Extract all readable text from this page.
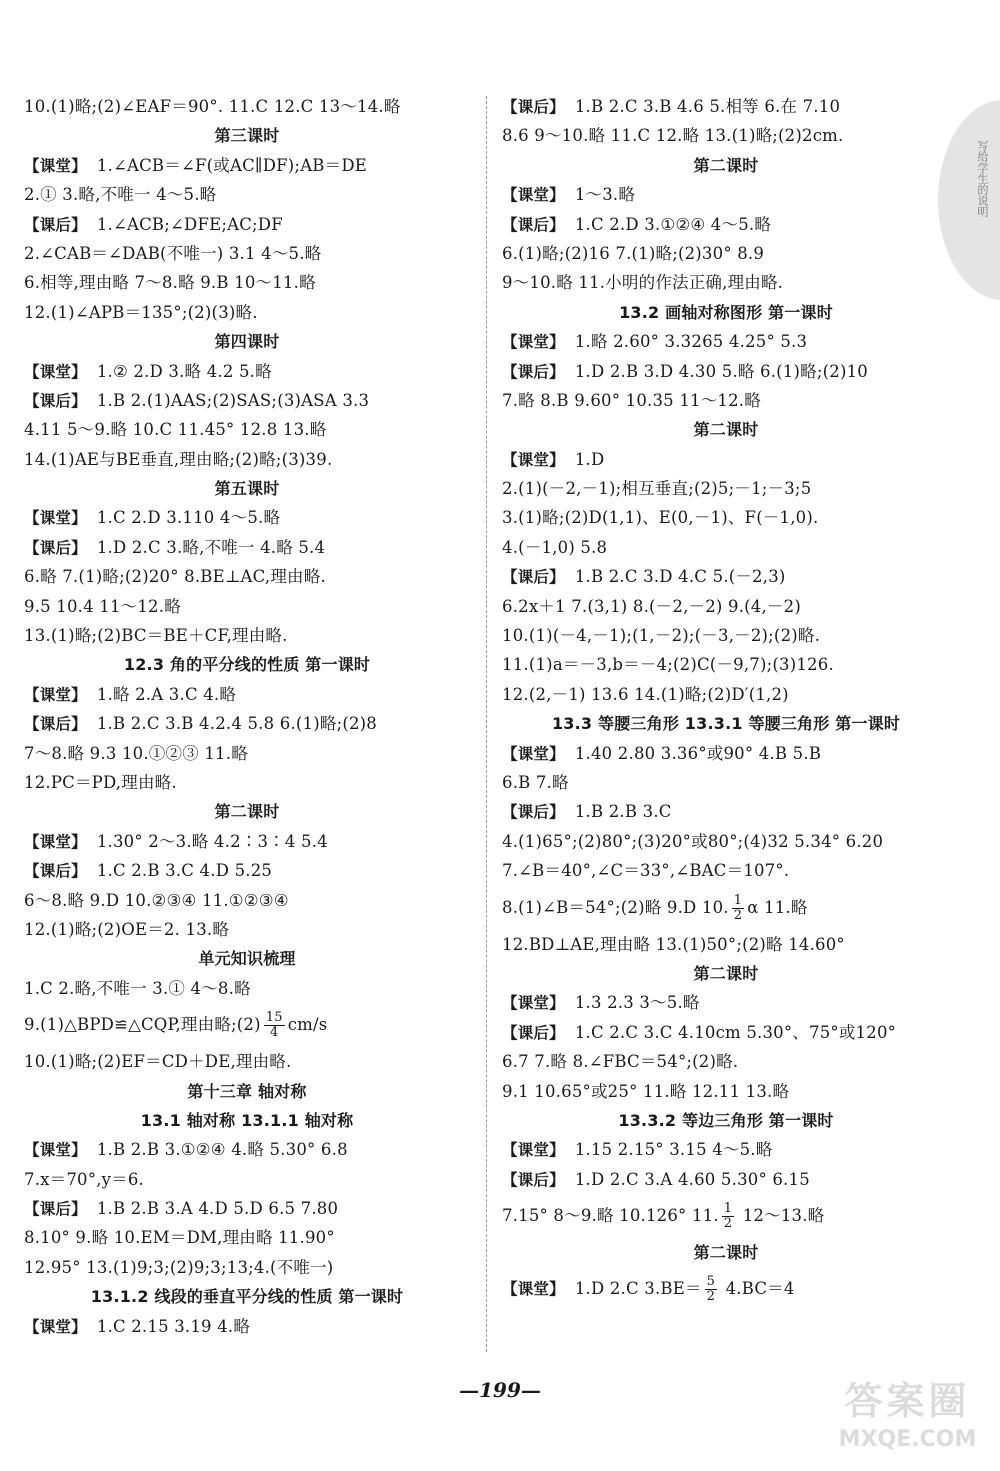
写给学生的说明
10.(1)略;(2)∠EAF＝90°. 11.C 12.C 13～14.略
第三课时
【课堂】 1.∠ACB＝∠F(或AC∥DF);AB＝DE
2.① 3.略,不唯一 4～5.略
【课后】 1.∠ACB;∠DFE;AC;DF
2.∠CAB＝∠DAB(不唯一) 3.1 4～5.略
6.相等,理由略 7～8.略 9.B 10～11.略
12.(1)∠APB＝135°;(2)(3)略.
第四课时
【课堂】 1.② 2.D 3.略 4.2 5.略
【课后】 1.B 2.(1)AAS;(2)SAS;(3)ASA 3.3
4.11 5～9.略 10.C 11.45° 12.8 13.略
14.(1)AE与BE垂直,理由略;(2)略;(3)39.
第五课时
【课堂】 1.C 2.D 3.110 4～5.略
【课后】 1.D 2.C 3.略,不唯一 4.略 5.4
6.略 7.(1)略;(2)20° 8.BE⊥AC,理由略.
9.5 10.4 11～12.略
13.(1)略;(2)BC＝BE＋CF,理由略.
12.3 角的平分线的性质 第一课时
【课堂】 1.略 2.A 3.C 4.略
【课后】 1.B 2.C 3.B 4.2.4 5.8 6.(1)略;(2)8
7～8.略 9.3 10.①②③ 11.略
12.PC＝PD,理由略.
第二课时
【课堂】 1.30° 2～3.略 4.2∶3∶4 5.4
【课后】 1.C 2.B 3.C 4.D 5.25
6～8.略 9.D 10.②③④ 11.①②③④
12.(1)略;(2)OE＝2. 13.略
单元知识梳理
1.C 2.略,不唯一 3.① 4～8.略
9.(1)△BPD≌△CQP,理由略;(2) $\frac{15}{4} cm/s$
10.(1)略;(2)EF＝CD＋DE,理由略.
第十三章 轴对称
13.1 轴对称 13.1.1 轴对称
【课堂】 1.B 2.B 3.①②④ 4.略 5.30° 6.8
7.x＝70°,y＝6.
【课后】 1.B 2.B 3.A 4.D 5.D 6.5 7.80
8.10° 9.略 10.EM＝DM,理由略 11.90°
12.95° 13.(1)9;3;(2)9;3;13;4.(不唯一)
13.1.2 线段的垂直平分线的性质 第一课时
【课堂】 1.C 2.15 3.19 4.略
【课后】 1.B 2.C 3.B 4.6 5.相等 6.在 7.10
8.6 9～10.略 11.C 12.略 13.(1)略;(2)2cm.
第二课时
【课堂】 1～3.略
【课后】 1.C 2.D 3.①②④ 4～5.略
6.(1)略;(2)16 7.(1)略;(2)30° 8.9
9～10.略 11.小明的作法正确,理由略.
13.2 画轴对称图形 第一课时
【课堂】 1.略 2.60° 3.3265 4.25° 5.3
【课后】 1.D 2.B 3.D 4.30 5.略 6.(1)略;(2)10
7.略 8.B 9.60° 10.35 11～12.略
第二课时
【课堂】 1.D
2.(1)(－2,－1);相互垂直;(2)5;－1;－3;5
3.(1)略;(2)D(1,1)、E(0,－1)、F(－1,0).
4.(－1,0) 5.8
【课后】 1.B 2.C 3.D 4.C 5.(－2,3)
6.2x＋1 7.(3,1) 8.(－2,－2) 9.(4,－2)
10.(1)(－4,－1);(1,－2);(－3,－2);(2)略.
11.(1)a＝－3,b＝－4;(2)C(－9,7);(3)126.
12.(2,－1) 13.6 14.(1)略;(2)D′(1,2)
13.3 等腰三角形 13.3.1 等腰三角形 第一课时
【课堂】 1.40 2.80 3.36°或90° 4.B 5.B
6.B 7.略
【课后】 1.B 2.B 3.C
4.(1)65°;(2)80°;(3)20°或80°;(4)32 5.34° 6.20
7.∠B＝40°,∠C＝33°,∠BAC＝107°.
8.(1)∠B＝54°;(2)略 9.D 10. $\frac{1}{2}$ α 11.略
12.BD⊥AE,理由略 13.(1)50°;(2)略 14.60°
第二课时
【课堂】 1.3 2.3 3～5.略
【课后】 1.C 2.C 3.C 4.10cm 5.30°、75°或120°
6.7 7.略 8.∠FBC＝54°;(2)略.
9.1 10.65°或25° 11.略 12.11 13.略
13.3.2 等边三角形 第一课时
【课堂】 1.15 2.15° 3.15 4～5.略
【课后】 1.D 2.C 3.A 4.60 5.30° 6.15
7.15° 8～9.略 10.126° 11. $\frac{1}{2}$ 12～13.略
第二课时
【课堂】 1.D 2.C $3.BE= \frac{5}{2} 4.BC=4$
—199—	答案圈
MXQE.COM
